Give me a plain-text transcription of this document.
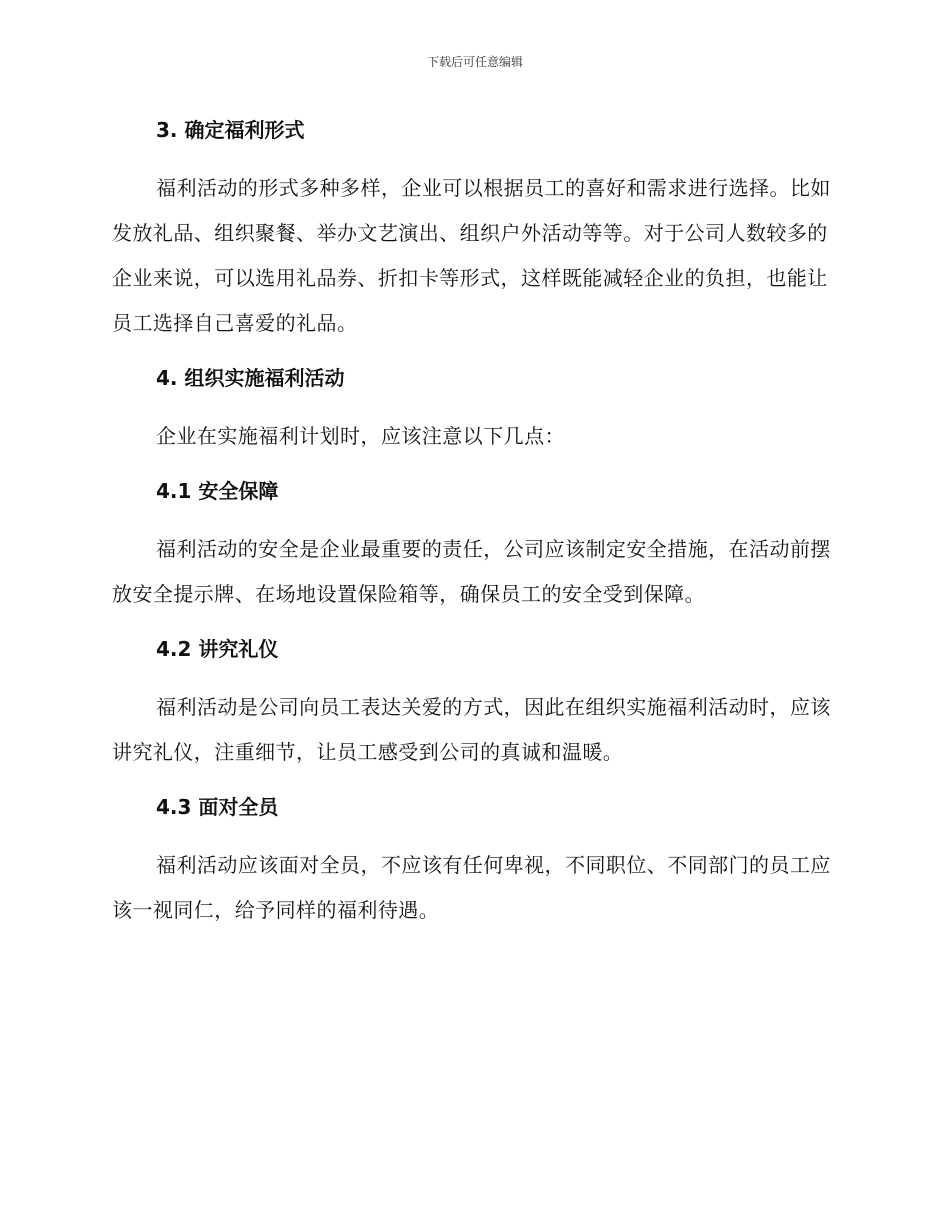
下载后可任意编辑
3. 确定福利形式

福利活动的形式多种多样，企业可以根据员工的喜好和需求进行选择。比如发放礼品、组织聚餐、举办文艺演出、组织户外活动等等。对于公司人数较多的企业来说，可以选用礼品券、折扣卡等形式，这样既能减轻企业的负担，也能让员工选择自己喜爱的礼品。

4. 组织实施福利活动

企业在实施福利计划时，应该注意以下几点：

4.1 安全保障

福利活动的安全是企业最重要的责任，公司应该制定安全措施，在活动前摆放安全提示牌、在场地设置保险箱等，确保员工的安全受到保障。

4.2 讲究礼仪

福利活动是公司向员工表达关爱的方式，因此在组织实施福利活动时，应该讲究礼仪，注重细节，让员工感受到公司的真诚和温暖。

4.3 面对全员

福利活动应该面对全员，不应该有任何卑视，不同职位、不同部门的员工应该一视同仁，给予同样的福利待遇。
